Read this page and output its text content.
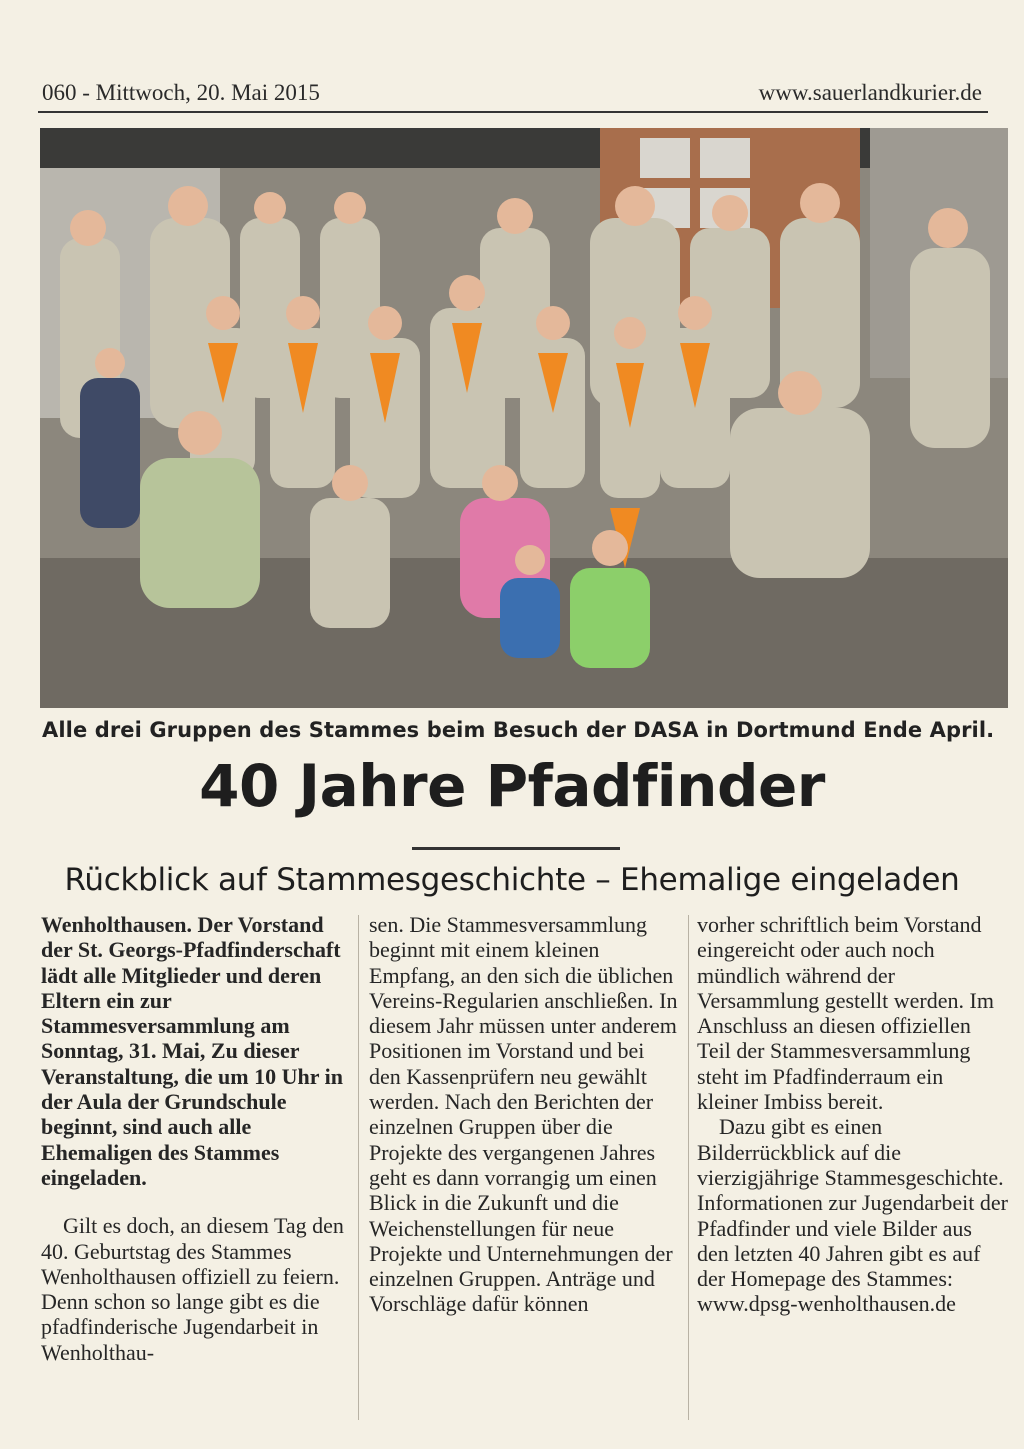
060 - Mittwoch, 20. Mai 2015	www.sauerlandkurier.de
Alle drei Gruppen des Stammes beim Besuch der DASA in Dortmund Ende April.
40 Jahre Pfadfinder
Rückblick auf Stammesgeschichte – Ehemalige eingeladen

Wenholthausen. Der Vorstand der St. Georgs-Pfadfinderschaft lädt alle Mitglieder und deren Eltern ein zur Stammesversammlung am Sonntag, 31. Mai, Zu dieser Veranstaltung, die um 10 Uhr in der Aula der Grundschule beginnt, sind auch alle Ehemaligen des Stammes eingeladen.

Gilt es doch, an diesem Tag den 40. Geburtstag des Stammes Wenholthausen offiziell zu feiern. Denn schon so lange gibt es die pfadfinderische Jugendarbeit in Wenholthau-

sen. Die Stammesversammlung beginnt mit einem kleinen Empfang, an den sich die üblichen Vereins-Regularien anschließen. In diesem Jahr müssen unter anderem Positionen im Vorstand und bei den Kassenprüfern neu gewählt werden. Nach den Berichten der einzelnen Gruppen über die Projekte des vergangenen Jahres geht es dann vorrangig um einen Blick in die Zukunft und die Weichenstellungen für neue Projekte und Unternehmungen der einzelnen Gruppen. Anträge und Vorschläge dafür können

vorher schriftlich beim Vorstand eingereicht oder auch noch mündlich während der Versammlung gestellt werden. Im Anschluss an diesen offiziellen Teil der Stammesversammlung steht im Pfadfinderraum ein kleiner Imbiss bereit.

Dazu gibt es einen Bilderrückblick auf die vierzigjährige Stammesgeschichte. Informationen zur Jugendarbeit der Pfadfinder und viele Bilder aus den letzten 40 Jahren gibt es auf der Homepage des Stammes: www.dpsg-wenholthausen.de
